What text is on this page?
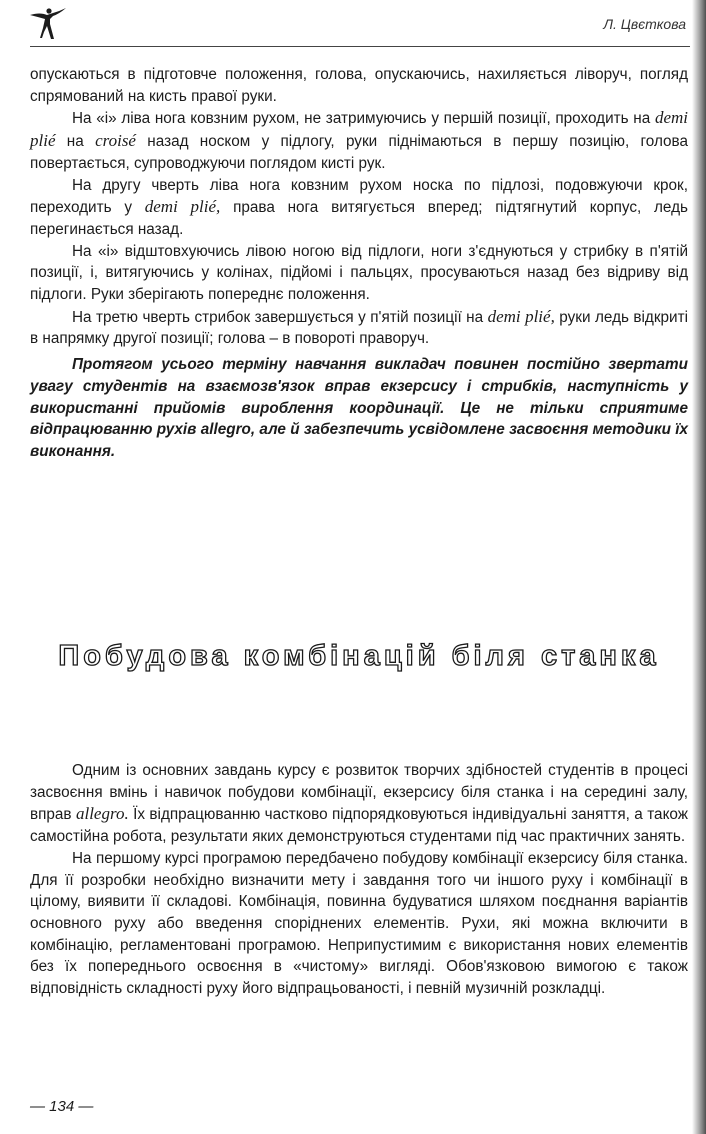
Л. Цвєткова

опускаються в підготовче положення, голова, опускаючись, нахиляється ліворуч, погляд спрямований на кисть правої руки.

На «і» ліва нога ковзним рухом, не затримуючись у першій позиції, проходить на demi plié на croisé назад носком у підлогу, руки піднімаються в першу позицію, голова повертається, супроводжуючи поглядом кисті рук.

На другу чверть ліва нога ковзним рухом носка по підлозі, подовжуючи крок, переходить у demi plié, права нога витягується вперед; підтягнутий корпус, ледь перегинається назад.

На «і» відштовхуючись лівою ногою від підлоги, ноги з'єднуються у стрибку в п'ятій позиції, і, витягуючись у колінах, підйомі і пальцях, просуваються назад без відриву від підлоги. Руки зберігають попереднє положення.

На третю чверть стрибок завершується у п'ятій позиції на demi plié, руки ледь відкриті в напрямку другої позиції; голова – в повороті праворуч.

Протягом усього терміну навчання викладач повинен постійно звертати увагу студентів на взаємозв'язок вправ екзерсису і стрибків, наступність у використанні прийомів вироблення координації. Це не тільки сприятиме відпрацюванню рухів allegro, але й забезпечить усвідомлене засвоєння методики їх виконання.

Побудова комбінацій біля станка

Одним із основних завдань курсу є розвиток творчих здібностей студентів в процесі засвоєння вмінь і навичок побудови комбінації, екзерсису біля станка і на середині залу, вправ allegro. Їх відпрацюванню частково підпорядковуються індивідуальні заняття, а також самостійна робота, результати яких демонструються студентами під час практичних занять.

На першому курсі програмою передбачено побудову комбінації екзерсису біля станка. Для її розробки необхідно визначити мету і завдання того чи іншого руху і комбінації в цілому, виявити її складові. Комбінація, повинна будуватися шляхом поєднання варіантів основного руху або введення споріднених елементів. Рухи, які можна включити в комбінацію, регламентовані програмою. Неприпустимим є використання нових елементів без їх попереднього освоєння в «чистому» вигляді. Обов'язковою вимогою є також відповідність складності руху його відпрацьованості, і певній музичній розкладці.

— 134 —
